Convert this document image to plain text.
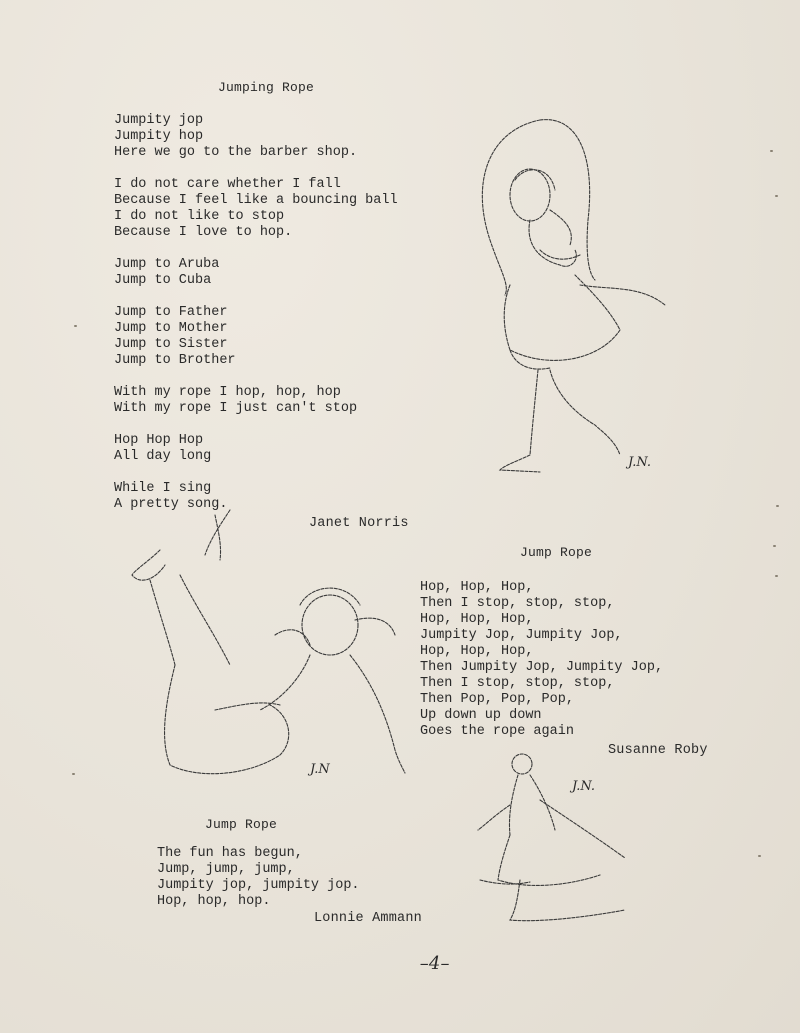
Jumping Rope
Jumpity jop
Jumpity hop
Here we go to the barber shop.

I do not care whether I fall
Because I feel like a bouncing ball
I do not like to stop
Because I love to hop.

Jump to Aruba
Jump to Cuba

Jump to Father
Jump to Mother
Jump to Sister
Jump to Brother

With my rope I hop, hop, hop
With my rope I just can't stop

Hop Hop Hop
All day long

While I sing
A pretty song.
Janet Norris
Jump Rope
Hop, Hop, Hop,
Then I stop, stop, stop,
Hop, Hop, Hop,
Jumpity Jop, Jumpity Jop,
Hop, Hop, Hop,
Then Jumpity Jop, Jumpity Jop,
Then I stop, stop, stop,
Then Pop, Pop, Pop,
Up down up down
Goes the rope again
Susanne Roby
Jump Rope
The fun has begun,
Jump, jump, jump,
Jumpity jop, jumpity jop.
Hop, hop, hop.
Lonnie Ammann
J.N.
J.N
J.N.

–4–
